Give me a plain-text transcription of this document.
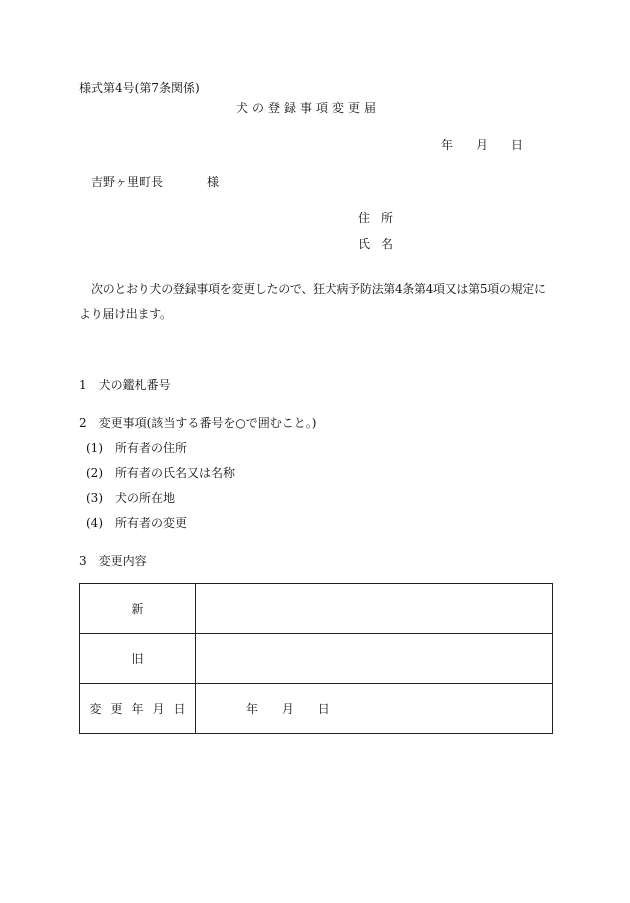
様式第4号(第7条関係)
犬の登録事項変更届
年 月 日
吉野ヶ里町長	様
住所
氏名
次のとおり犬の登録事項を変更したので、狂犬病予防法第4条第4項又は第5項の規定により届け出ます。
1　犬の鑑札番号
2　変更事項(該当する番号を○で囲むこと。)
(1)　所有者の住所
(2)　所有者の氏名又は名称
(3)　犬の所在地
(4)　所有者の変更
3　変更内容
新	
旧	
変更年月日	年 月 日
